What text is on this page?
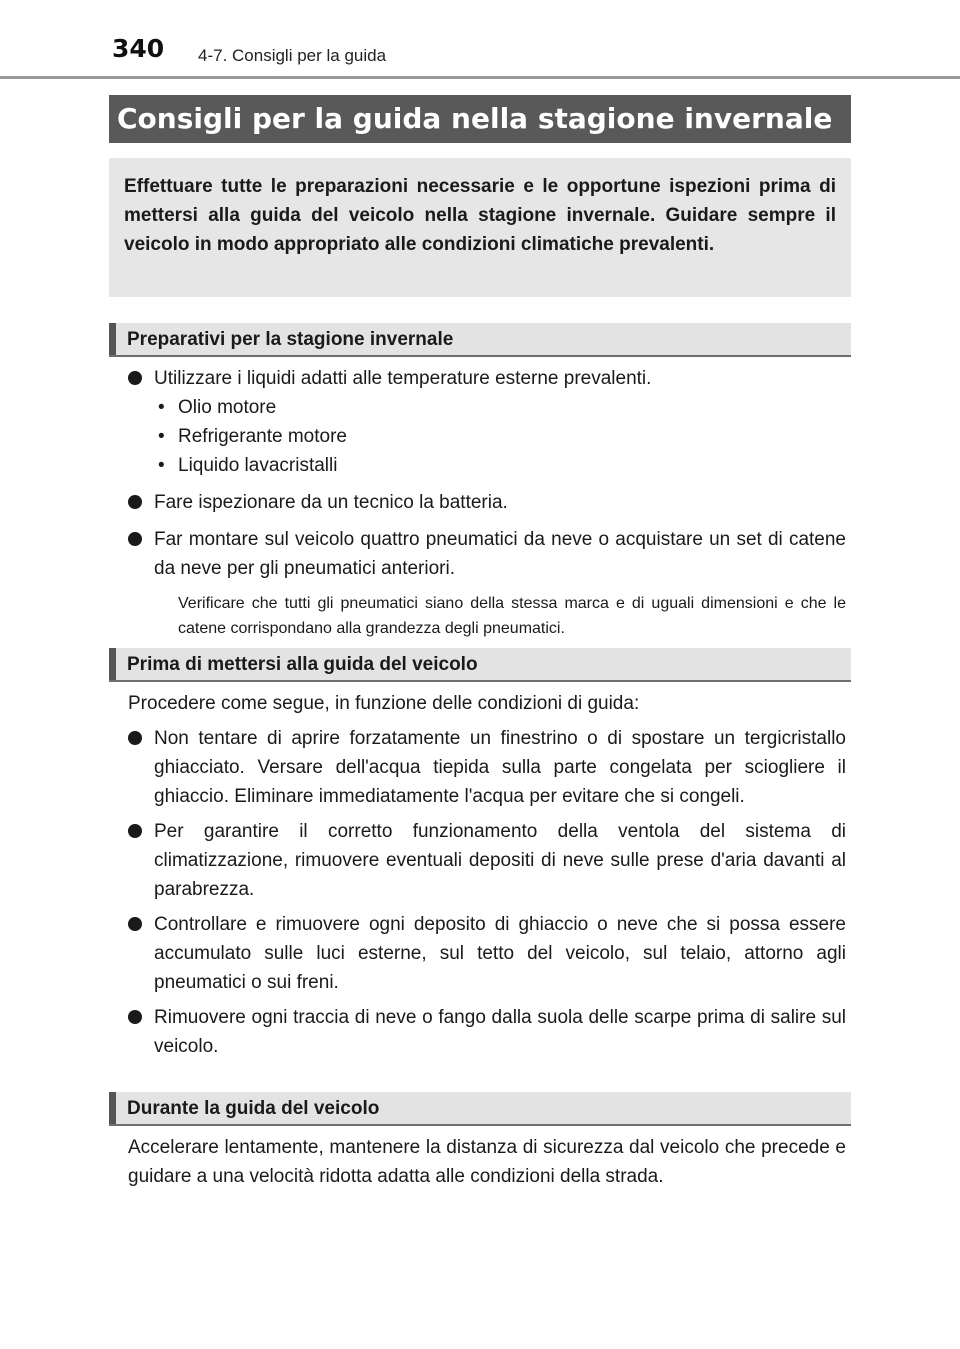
340 4-7. Consigli per la guida
Consigli per la guida nella stagione invernale

Effettuare tutte le preparazioni necessarie e le opportune ispezioni prima di mettersi alla guida del veicolo nella stagione invernale. Guidare sempre il veicolo in modo appropriato alle condizioni climatiche prevalenti.

Preparativi per la stagione invernale
Utilizzare i liquidi adatti alle temperature esterne prevalenti.
• Olio motore
• Refrigerante motore
• Liquido lavacristalli
Fare ispezionare da un tecnico la batteria.
Far montare sul veicolo quattro pneumatici da neve o acquistare un set di catene da neve per gli pneumatici anteriori.
Verificare che tutti gli pneumatici siano della stessa marca e di uguali dimensioni e che le catene corrispondano alla grandezza degli pneumatici.
Prima di mettersi alla guida del veicolo

Procedere come segue, in funzione delle condizioni di guida:

Non tentare di aprire forzatamente un finestrino o di spostare un tergicristallo ghiacciato. Versare dell'acqua tiepida sulla parte congelata per sciogliere il ghiaccio. Eliminare immediatamente l'acqua per evitare che si congeli.
Per garantire il corretto funzionamento della ventola del sistema di climatizzazione, rimuovere eventuali depositi di neve sulle prese d'aria davanti al parabrezza.
Controllare e rimuovere ogni deposito di ghiaccio o neve che si possa essere accumulato sulle luci esterne, sul tetto del veicolo, sul telaio, attorno agli pneumatici o sui freni.
Rimuovere ogni traccia di neve o fango dalla suola delle scarpe prima di salire sul veicolo.
Durante la guida del veicolo

Accelerare lentamente, mantenere la distanza di sicurezza dal veicolo che precede e guidare a una velocità ridotta adatta alle condizioni della strada.
